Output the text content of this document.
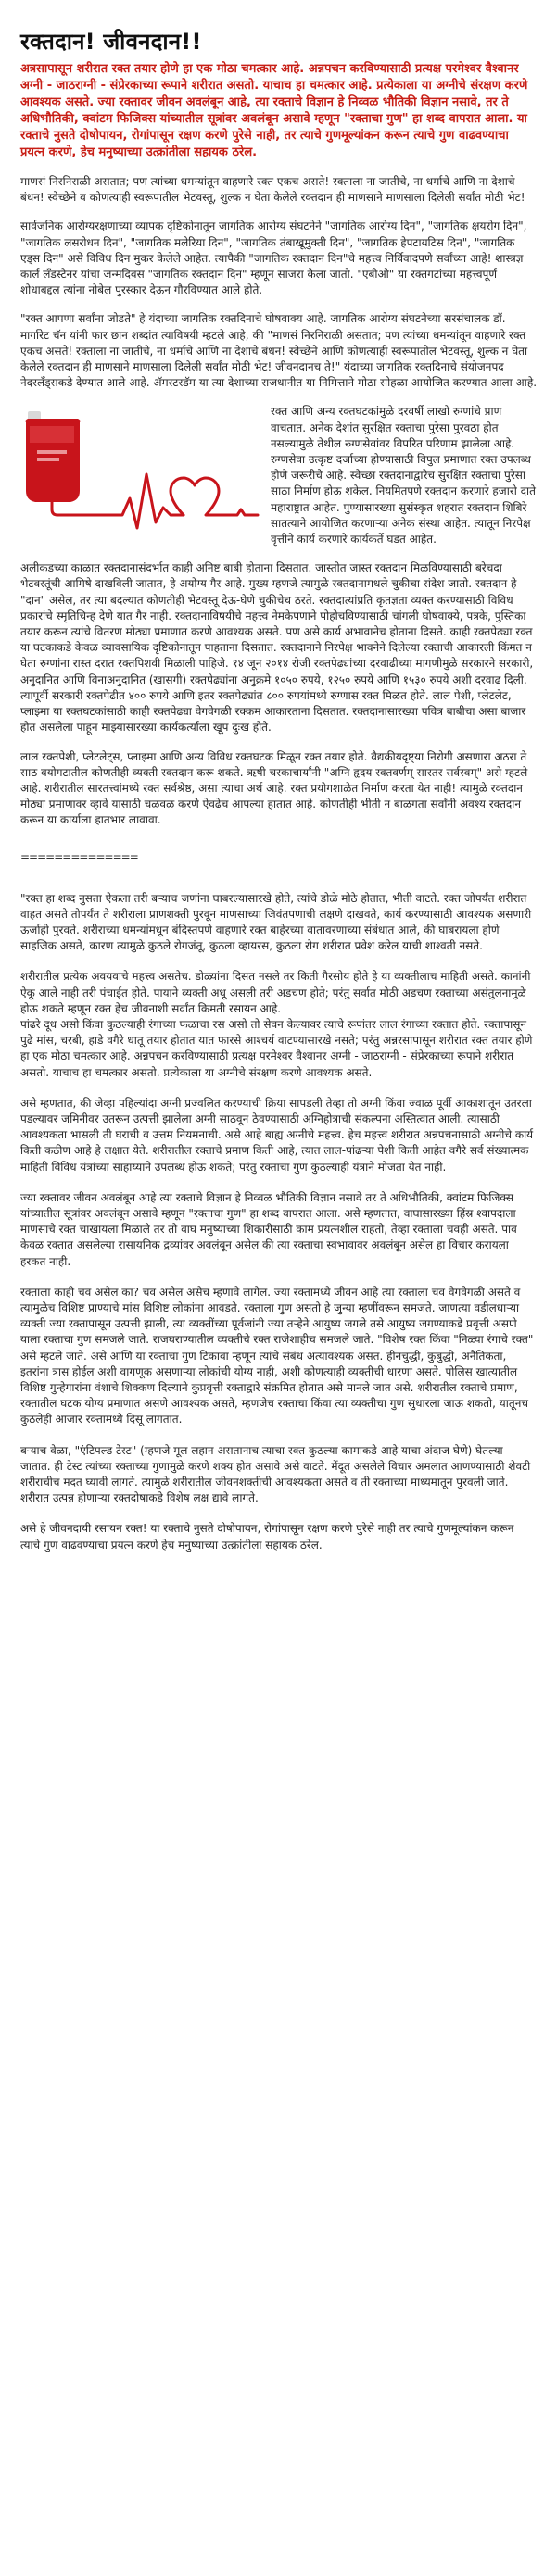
रक्तदान! जीवनदान!!

अत्रसापासून शरीरात रक्त तयार होणे हा एक मोठा चमत्कार आहे. अन्नपचन करविण्यासाठी प्रत्यक्ष परमेश्वर वैश्वानर अग्नी - जाठराग्नी - संप्रेरकाच्या रूपाने शरीरात असतो. याचाच हा चमत्कार आहे. प्रत्येकाला या अग्नीचे संरक्षण करणे आवश्यक असते. ज्या रक्तावर जीवन अवलंबून आहे, त्या रक्ताचे विज्ञान हे निव्वळ भौतिकी विज्ञान नसावे, तर ते अधिभौतिकी, क्वांटम फिजिक्स यांच्यातील सूत्रांवर अवलंबून असावे म्हणून "रक्ताचा गुण" हा शब्द वापरात आला. या रक्ताचे नुसते दोषोपायन, रोगांपासून रक्षण करणे पुरेसे नाही, तर त्याचे गुणमूल्यांकन करून त्याचे गुण वाढवण्याचा प्रयत्न करणे, हेच मनुष्याच्या उत्क्रांतीला सहायक ठरेल.

माणसं निरनिराळी असतात; पण त्यांच्या धमन्यांतून वाहणारे रक्त एकच असते! रक्ताला ना जातीचे, ना धर्माचे आणि ना देशाचे बंधन! स्वेच्छेने व कोणत्याही स्वरूपातील भेटवस्तू, शुल्क न घेता केलेले रक्तदान ही माणसाने माणसाला दिलेली सर्वांत मोठी भेट!

सार्वजनिक आरोग्यरक्षणाच्या व्यापक दृष्टिकोनातून जागतिक आरोग्य संघटनेने "जागतिक आरोग्य दिन", "जागतिक क्षयरोग दिन", "जागतिक लसरोधन दिन", "जागतिक मलेरिया दिन", "जागतिक तंबाखूमुक्ती दिन", "जागतिक हेपटायटिस दिन", "जागतिक एड्स दिन" असे विविध दिन मुकर केलेले आहेत. त्यापैकी "जागतिक रक्तदान दिन"चे महत्त्व निर्विवादपणे सर्वांच्या आहे! शास्त्रज्ञ कार्ल लँडस्टेनर यांचा जन्मदिवस "जागतिक रक्तदान दिन" म्हणून साजरा केला जातो. "एबीओ" या रक्तगटांच्या महत्त्वपूर्ण शोधाबद्दल त्यांना नोबेल पुरस्कार देऊन गौरविण्यात आले होते.

"रक्त आपणा सर्वांना जोडते" हे यंदाच्या जागतिक रक्तदिनाचे घोषवाक्य आहे. जागतिक आरोग्य संघटनेच्या सरसंचालक डॉ. मार्गारेट चॅन यांनी फार छान शब्दांत त्याविषयी म्हटले आहे, की "माणसं निरनिराळी असतात; पण त्यांच्या धमन्यांतून वाहणारे रक्त एकच असते! रक्ताला ना जातीचे, ना धर्माचे आणि ना देशाचे बंधन! स्वेच्छेने आणि कोणत्याही स्वरूपातील भेटवस्तू, शुल्क न घेता केलेले रक्तदान ही माणसाने माणसाला दिलेली सर्वांत मोठी भेट! जीवनदानच ते!" यंदाच्या जागतिक रक्तदिनाचे संयोजनपद नेदरलँड्सकडे देण्यात आले आहे. ॲमस्टरडॅम या त्या देशाच्या राजधानीत या निमित्ताने मोठा सोहळा आयोजित करण्यात आला आहे.

रक्त आणि अन्य रक्तघटकांमुळे दरवर्षी लाखो रुग्णांचे प्राण वाचतात. अनेक देशांत सुरक्षित रक्ताचा पुरेसा पुरवठा होत नसल्यामुळे तेथील रुग्णसेवांवर विपरित परिणाम झालेला आहे. रुग्णसेवा उत्कृष्ट दर्जाच्या होण्यासाठी विपुल प्रमाणात रक्त उपलब्ध होणे जरूरीचे आहे. स्वेच्छा रक्तदानाद्वारेच सुरक्षित रक्ताचा पुरेसा साठा निर्माण होऊ शकेल. नियमितपणे रक्तदान करणारे हजारो दाते महाराष्ट्रात आहेत. पुण्यासारख्या सुसंस्कृत शहरात रक्तदान शिबिरे सातत्याने आयोजित करणाऱ्या अनेक संस्था आहेत. त्यातून निरपेक्ष वृत्तीने कार्य करणारे कार्यकर्ते घडत आहेत.

अलीकडच्या काळात रक्तदानासंदर्भात काही अनिष्ट बाबी होताना दिसतात. जास्तीत जास्त रक्तदान मिळविण्यासाठी बरेचदा भेटवस्तूंची आमिषे दाखविली जातात, हे अयोग्य गैर आहे. मुख्य म्हणजे त्यामुळे रक्तदानामधले चुकीचा संदेश जातो. रक्तदान हे "दान" असेल, तर त्या बदल्यात कोणतीही भेटवस्तू देऊ-घेणे चुकीचेच ठरते. रक्तदात्यांप्रति कृतज्ञता व्यक्त करण्यासाठी विविध प्रकारांचे स्मृतिचिन्ह देणे यात गैर नाही. रक्तदानाविषयीचे महत्त्व नेमकेपणाने पोहोचविण्यासाठी चांगली घोषवाक्ये, पत्रके, पुस्तिका तयार करून त्यांचे वितरण मोठ्या प्रमाणात करणे आवश्यक असते. पण असे कार्य अभावानेच होताना दिसते. काही रक्तपेढ्या रक्त या घटकाकडे केवळ व्यावसायिक दृष्टिकोनातून पाहताना दिसतात. रक्तदानाने निरपेक्ष भावनेने दिलेल्या रक्ताची आकारली किंमत न घेता रुग्णांना रास्त दरात रक्तपिशवी मिळाली पाहिजे. १४ जून २०१४ रोजी रक्तपेढ्यांच्या दरवाढीच्या मागणीमुळे सरकारने सरकारी, अनुदानित आणि विनाअनुदानित (खासगी) रक्तपेढ्यांना अनुक्रमे १०५० रुपये, १२५० रुपये आणि १५३० रुपये अशी दरवाढ दिली. त्यापूर्वी सरकारी रक्तपेढीत ४०० रुपये आणि इतर रक्तपेढ्यांत ८०० रुपयांमध्ये रुग्णास रक्त मिळत होते. लाल पेशी, प्लेटलेट, प्लाझ्मा या रक्तघटकांसाठी काही रक्तपेढ्या वेगवेगळी रक्कम आकारताना दिसतात. रक्तदानासारख्या पवित्र बाबीचा असा बाजार होत असलेला पाहून माझ्यासारख्या कार्यकर्त्याला खूप दुःख होते.

लाल रक्तपेशी, प्लेटलेट्स, प्लाझ्मा आणि अन्य विविध रक्तघटक मिळून रक्त तयार होते. वैद्यकीयदृष्ट्या निरोगी असणारा अठरा ते साठ वयोगटातील कोणतीही व्यक्ती रक्तदान करू शकते. ऋषी चरकाचार्यांनी "अग्नि हृदय रक्तवर्णम् सारतर सर्वस्वम्" असे म्हटले आहे. शरीरातील सारतत्त्वांमध्ये रक्त सर्वश्रेष्ठ, असा त्याचा अर्थ आहे. रक्त प्रयोगशाळेत निर्माण करता येत नाही! त्यामुळे रक्तदान मोठ्या प्रमाणावर व्हावे यासाठी चळवळ करणे ऐवढेच आपल्या हातात आहे. कोणतीही भीती न बाळगता सर्वांनी अवश्य रक्तदान करून या कार्याला हातभार लावावा.

==============

"रक्त हा शब्द नुसता ऐकला तरी बऱ्याच जणांना घाबरल्यासारखे होते, त्यांचे डोळे मोठे होतात, भीती वाटते. रक्त जोपर्यंत शरीरात वाहत असते तोपर्यंत ते शरीराला प्राणशक्ती पुरवून माणसाच्या जिवंतपणाची लक्षणे दाखवते, कार्य करण्यासाठी आवश्यक असणारी ऊर्जाही पुरवते. शरीराच्या धमन्यांमधून बंदिस्तपणे वाहणारे रक्त बाहेरच्या वातावरणाच्या संबंधात आले, की घाबरायला होणे साहजिक असते, कारण त्यामुळे कुठले रोगजंतू, कुठला व्हायरस, कुठला रोग शरीरात प्रवेश करेल याची शाश्वती नसते.

शरीरातील प्रत्येक अवयवाचे महत्त्व असतेच. डोळ्यांना दिसत नसले तर किती गैरसोय होते हे या व्यक्तीलाच माहिती असते. कानांनी ऐकू आले नाही तरी पंचाईत होते. पायाने व्यक्ती अधू असली तरी अडचण होते; परंतु सर्वात मोठी अडचण रक्ताच्या असंतुलनामुळे होऊ शकते म्हणून रक्त हेच जीवनाशी सर्वांत किमती रसायन आहे.
पांढरे दूध असो किंवा कुठल्याही रंगाच्या फळाचा रस असो तो सेवन केल्यावर त्याचे रूपांतर लाल रंगाच्या रक्तात होते. रक्तापासून पुढे मांस, चरबी, हाडे वगैरे धातू तयार होतात यात फारसे आश्चर्य वाटण्यासारखे नसते; परंतु अन्नरसापासून शरीरात रक्त तयार होणे हा एक मोठा चमत्कार आहे. अन्नपचन करविण्यासाठी प्रत्यक्ष परमेश्वर वैश्वानर अग्नी - जाठराग्नी - संप्रेरकाच्या रूपाने शरीरात असतो. याचाच हा चमत्कार असतो. प्रत्येकाला या अग्नीचे संरक्षण करणे आवश्यक असते.

असे म्हणतात, की जेव्हा पहिल्यांदा अग्नी प्रज्वलित करण्याची क्रिया सापडली तेव्हा तो अग्नी किंवा ज्वाळ पूर्वी आकाशातून उतरला पडल्यावर जमिनीवर उतरून उत्पत्ती झालेला अग्नी साठवून ठेवण्यासाठी अग्निहोत्राची संकल्पना अस्तित्वात आली. त्यासाठी आवश्यकता भासली ती घराची व उत्तम नियमनाची. असे आहे बाह्य अग्नीचे महत्त्व. हेच महत्त्व शरीरात अन्नपचनासाठी अग्नीचे कार्य किती कठीण आहे हे लक्षात येते. शरीरातील रक्ताचे प्रमाण किती आहे, त्यात लाल-पांढऱ्या पेशी किती आहेत वगैरे सर्व संख्यात्मक माहिती विविध यंत्रांच्या साहाय्याने उपलब्ध होऊ शकते; परंतु रक्ताचा गुण कुठल्याही यंत्राने मोजता येत नाही.

ज्या रक्तावर जीवन अवलंबून आहे त्या रक्ताचे विज्ञान हे निव्वळ भौतिकी विज्ञान नसावे तर ते अधिभौतिकी, क्वांटम फिजिक्स यांच्यातील सूत्रांवर अवलंबून असावे म्हणून "रक्ताचा गुण" हा शब्द वापरात आला. असे म्हणतात, वाघासारख्या हिंस्र श्वापदाला माणसाचे रक्त चाखायला मिळाले तर तो वाघ मनुष्याच्या शिकारीसाठी काम प्रयत्नशील राहतो, तेव्हा रक्ताला चवही असते. पाव केवळ रक्तात असलेल्या रासायनिक द्रव्यांवर अवलंबून असेल की त्या रक्ताचा स्वभावावर अवलंबून असेल हा विचार करायला हरकत नाही.

रक्ताला काही चव असेल का? चव असेल असेच म्हणावे लागेल. ज्या रक्तामध्ये जीवन आहे त्या रक्ताला चव वेगवेगळी असते व त्यामुळेच विशिष्ट प्राण्याचे मांस विशिष्ट लोकांना आवडते. रक्ताला गुण असतो हे जुन्या म्हणींवरून समजते. जाणत्या वडीलधाऱ्या व्यक्ती ज्या रक्तापासून उत्पत्ती झाली, त्या व्यक्तींच्या पूर्वजांनी ज्या तऱ्हेने आयुष्य जगले तसे आयुष्य जगण्याकडे प्रवृत्ती असणे याला रक्ताचा गुण समजले जाते. राजघराण्यातील व्यक्तीचे रक्त राजेशाहीच समजले जाते. "विशेष रक्त किंवा "निळ्या रंगाचे रक्त" असे म्हटले जाते. असे आणि या रक्ताचा गुण टिकावा म्हणून त्यांचे संबंध अत्यावश्यक असत. हीनचुद्धी, कुबुद्धी, अनैतिकता, इतरांना त्रास होईल अशी वागणूक असणाऱ्या लोकांची योग्य नाही, अशी कोणत्याही व्यक्तीची धारणा असते. पोलिस खात्यातील विशिष्ट गुन्हेगारांना वंशाचे शिक्कण दिल्याने कुप्रवृत्ती रक्ताद्वारे संक्रमित होतात असे मानले जात असे. शरीरातील रक्ताचे प्रमाण, रक्तातील घटक योग्य प्रमाणात असणे आवश्यक असते, म्हणजेच रक्ताचा किंवा त्या व्यक्तीचा गुण सुधारला जाऊ शकतो, यातूनच कुठलेही आजार रक्तामध्ये दिसू लागतात.

बऱ्याच वेळा, "एंटिपल्ड टेस्ट" (म्हणजे मूल लहान असतानाच त्याचा रक्त कुठल्या कामाकडे आहे याचा अंदाज घेणे) घेतल्या जातात. ही टेस्ट त्यांच्या रक्ताच्या गुणामुळे करणे शक्य होत असावे असे वाटते. मेंदूत असलेले विचार अमलात आणण्यासाठी शेवटी शरीराचीच मदत घ्यावी लागते. त्यामुळे शरीरातील जीवनशक्तीची आवश्यकता असते व ती रक्ताच्या माध्यमातून पुरवली जाते. शरीरात उत्पन्न होणाऱ्या रक्तदोषाकडे विशेष लक्ष द्यावे लागते.

असे हे जीवनदायी रसायन रक्त! या रक्ताचे नुसते दोषोपायन, रोगांपासून रक्षण करणे पुरेसे नाही तर त्याचे गुणमूल्यांकन करून त्याचे गुण वाढवण्याचा प्रयत्न करणे हेच मनुष्याच्या उत्क्रांतीला सहायक ठरेल.
